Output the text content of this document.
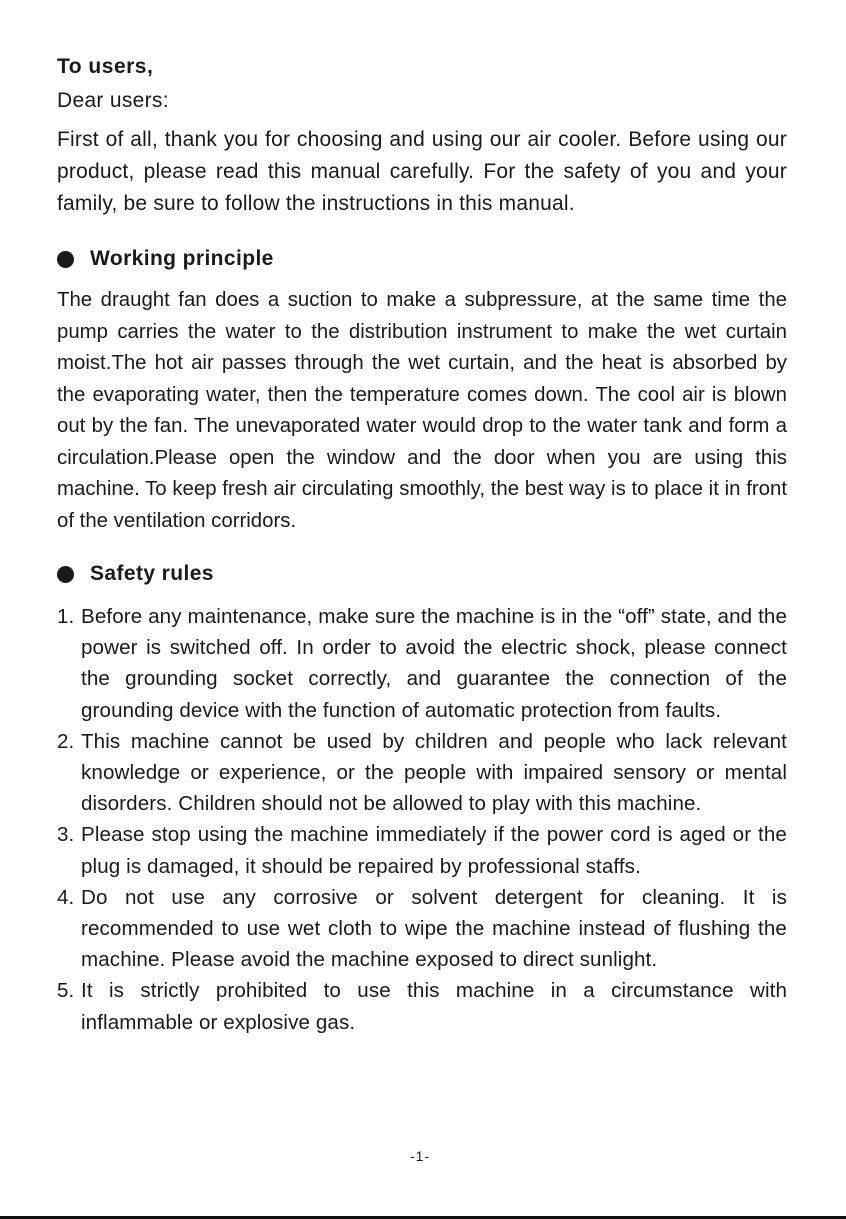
To users,

Dear users:

First of all, thank you for choosing and using our air cooler. Before using our product, please read this manual carefully. For the safety of you and your family, be sure to follow the instructions in this manual.

Working principle

The draught fan does a suction to make a subpressure, at the same time the pump carries the water to the distribution instrument to make the wet curtain moist.The hot air passes through the wet curtain, and the heat is absorbed by the evaporating water, then the temperature comes down. The cool air is blown out by the fan. The unevaporated water would drop to the water tank and form a circulation.Please open the window and the door when you are using this machine. To keep fresh air circulating smoothly, the best way is to place it in front of the ventilation corridors.

Safety rules
1. Before any maintenance, make sure the machine is in the “off” state, and the power is switched off. In order to avoid the electric shock, please connect the grounding socket correctly, and guarantee the connection of the grounding device with the function of automatic protection from faults.
2. This machine cannot be used by children and people who lack relevant knowledge or experience, or the people with impaired sensory or mental disorders. Children should not be allowed to play with this machine.
3. Please stop using the machine immediately if the power cord is aged or the plug is damaged, it should be repaired by professional staffs.
4. Do not use any corrosive or solvent detergent for cleaning. It is recommended to use wet cloth to wipe the machine instead of flushing the machine. Please avoid the machine exposed to direct sunlight.
5. It is strictly prohibited to use this machine in a circumstance with inflammable or explosive gas.
-1-
